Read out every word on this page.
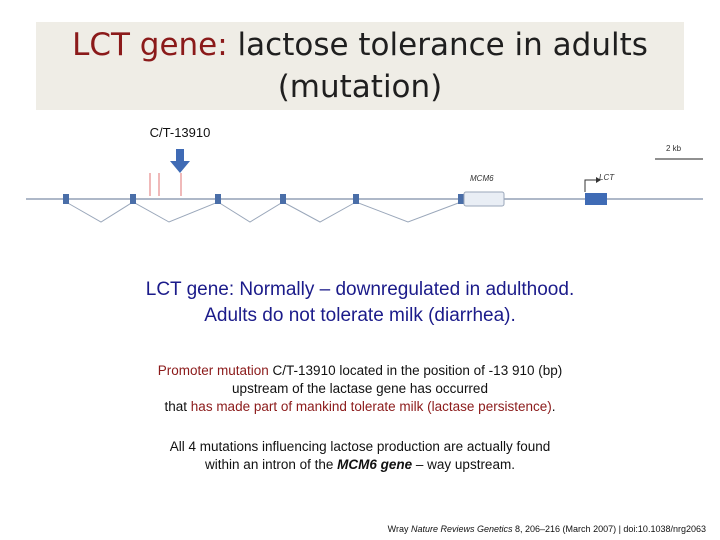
LCT gene: lactose tolerance in adults
(mutation)
C/T-13910
2 kb
MCM6	LCT
LCT gene: Normally – downregulated in adulthood.
Adults do not tolerate milk (diarrhea).
Promoter mutation C/T-13910 located in the position of -13 910 (bp)
upstream of the lactase gene has occurred
that has made part of mankind tolerate milk (lactase persistence).
All 4 mutations influencing lactose production are actually found
within an intron of the MCM6 gene – way upstream.
Wray Nature Reviews Genetics 8, 206–216 (March 2007) | doi:10.1038/nrg2063
